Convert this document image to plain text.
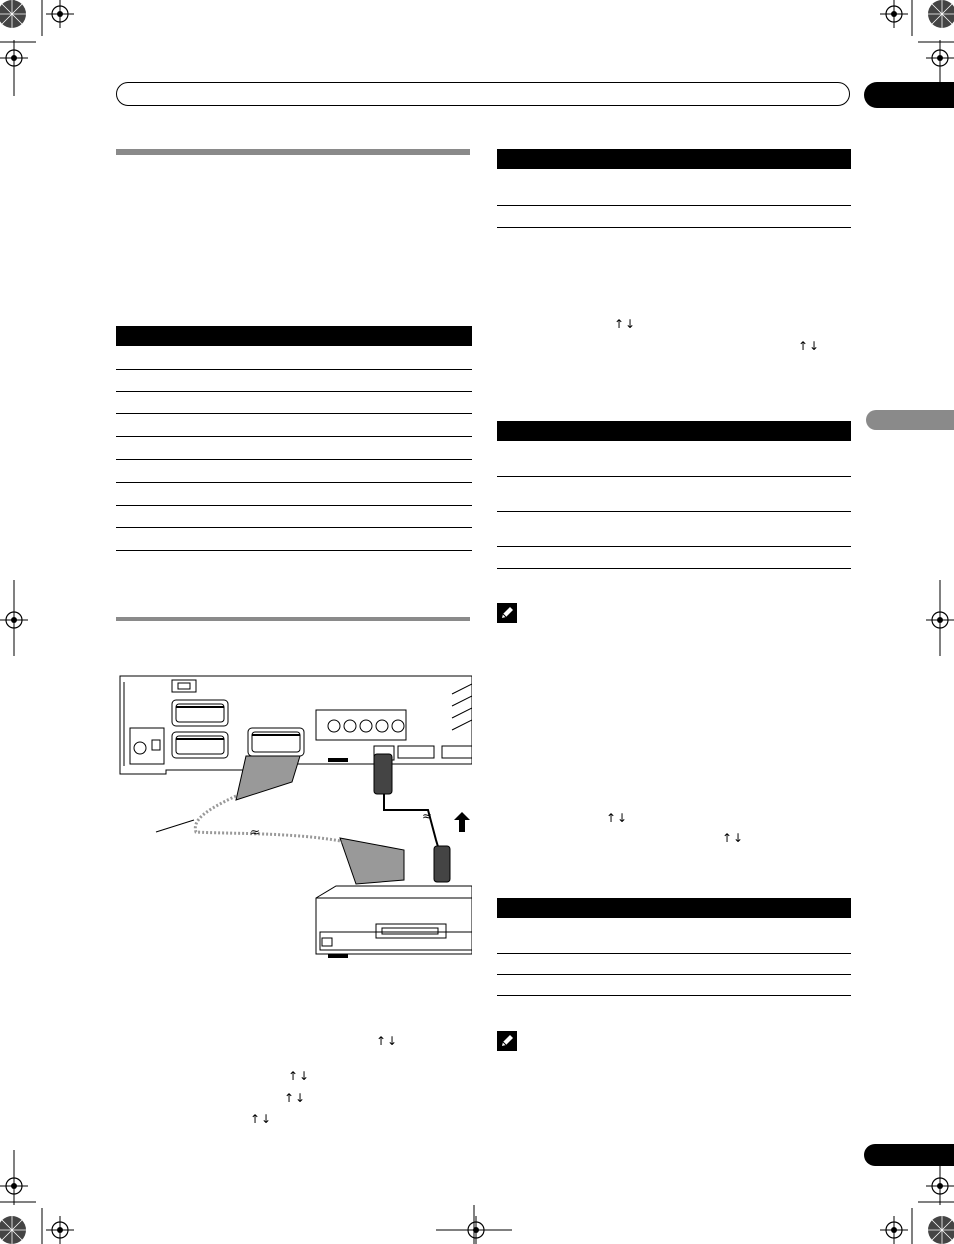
≈
≈
↑↓
↑↓
↑↓
↑↓
↑↓
↑↓
↑↓
↑↓
